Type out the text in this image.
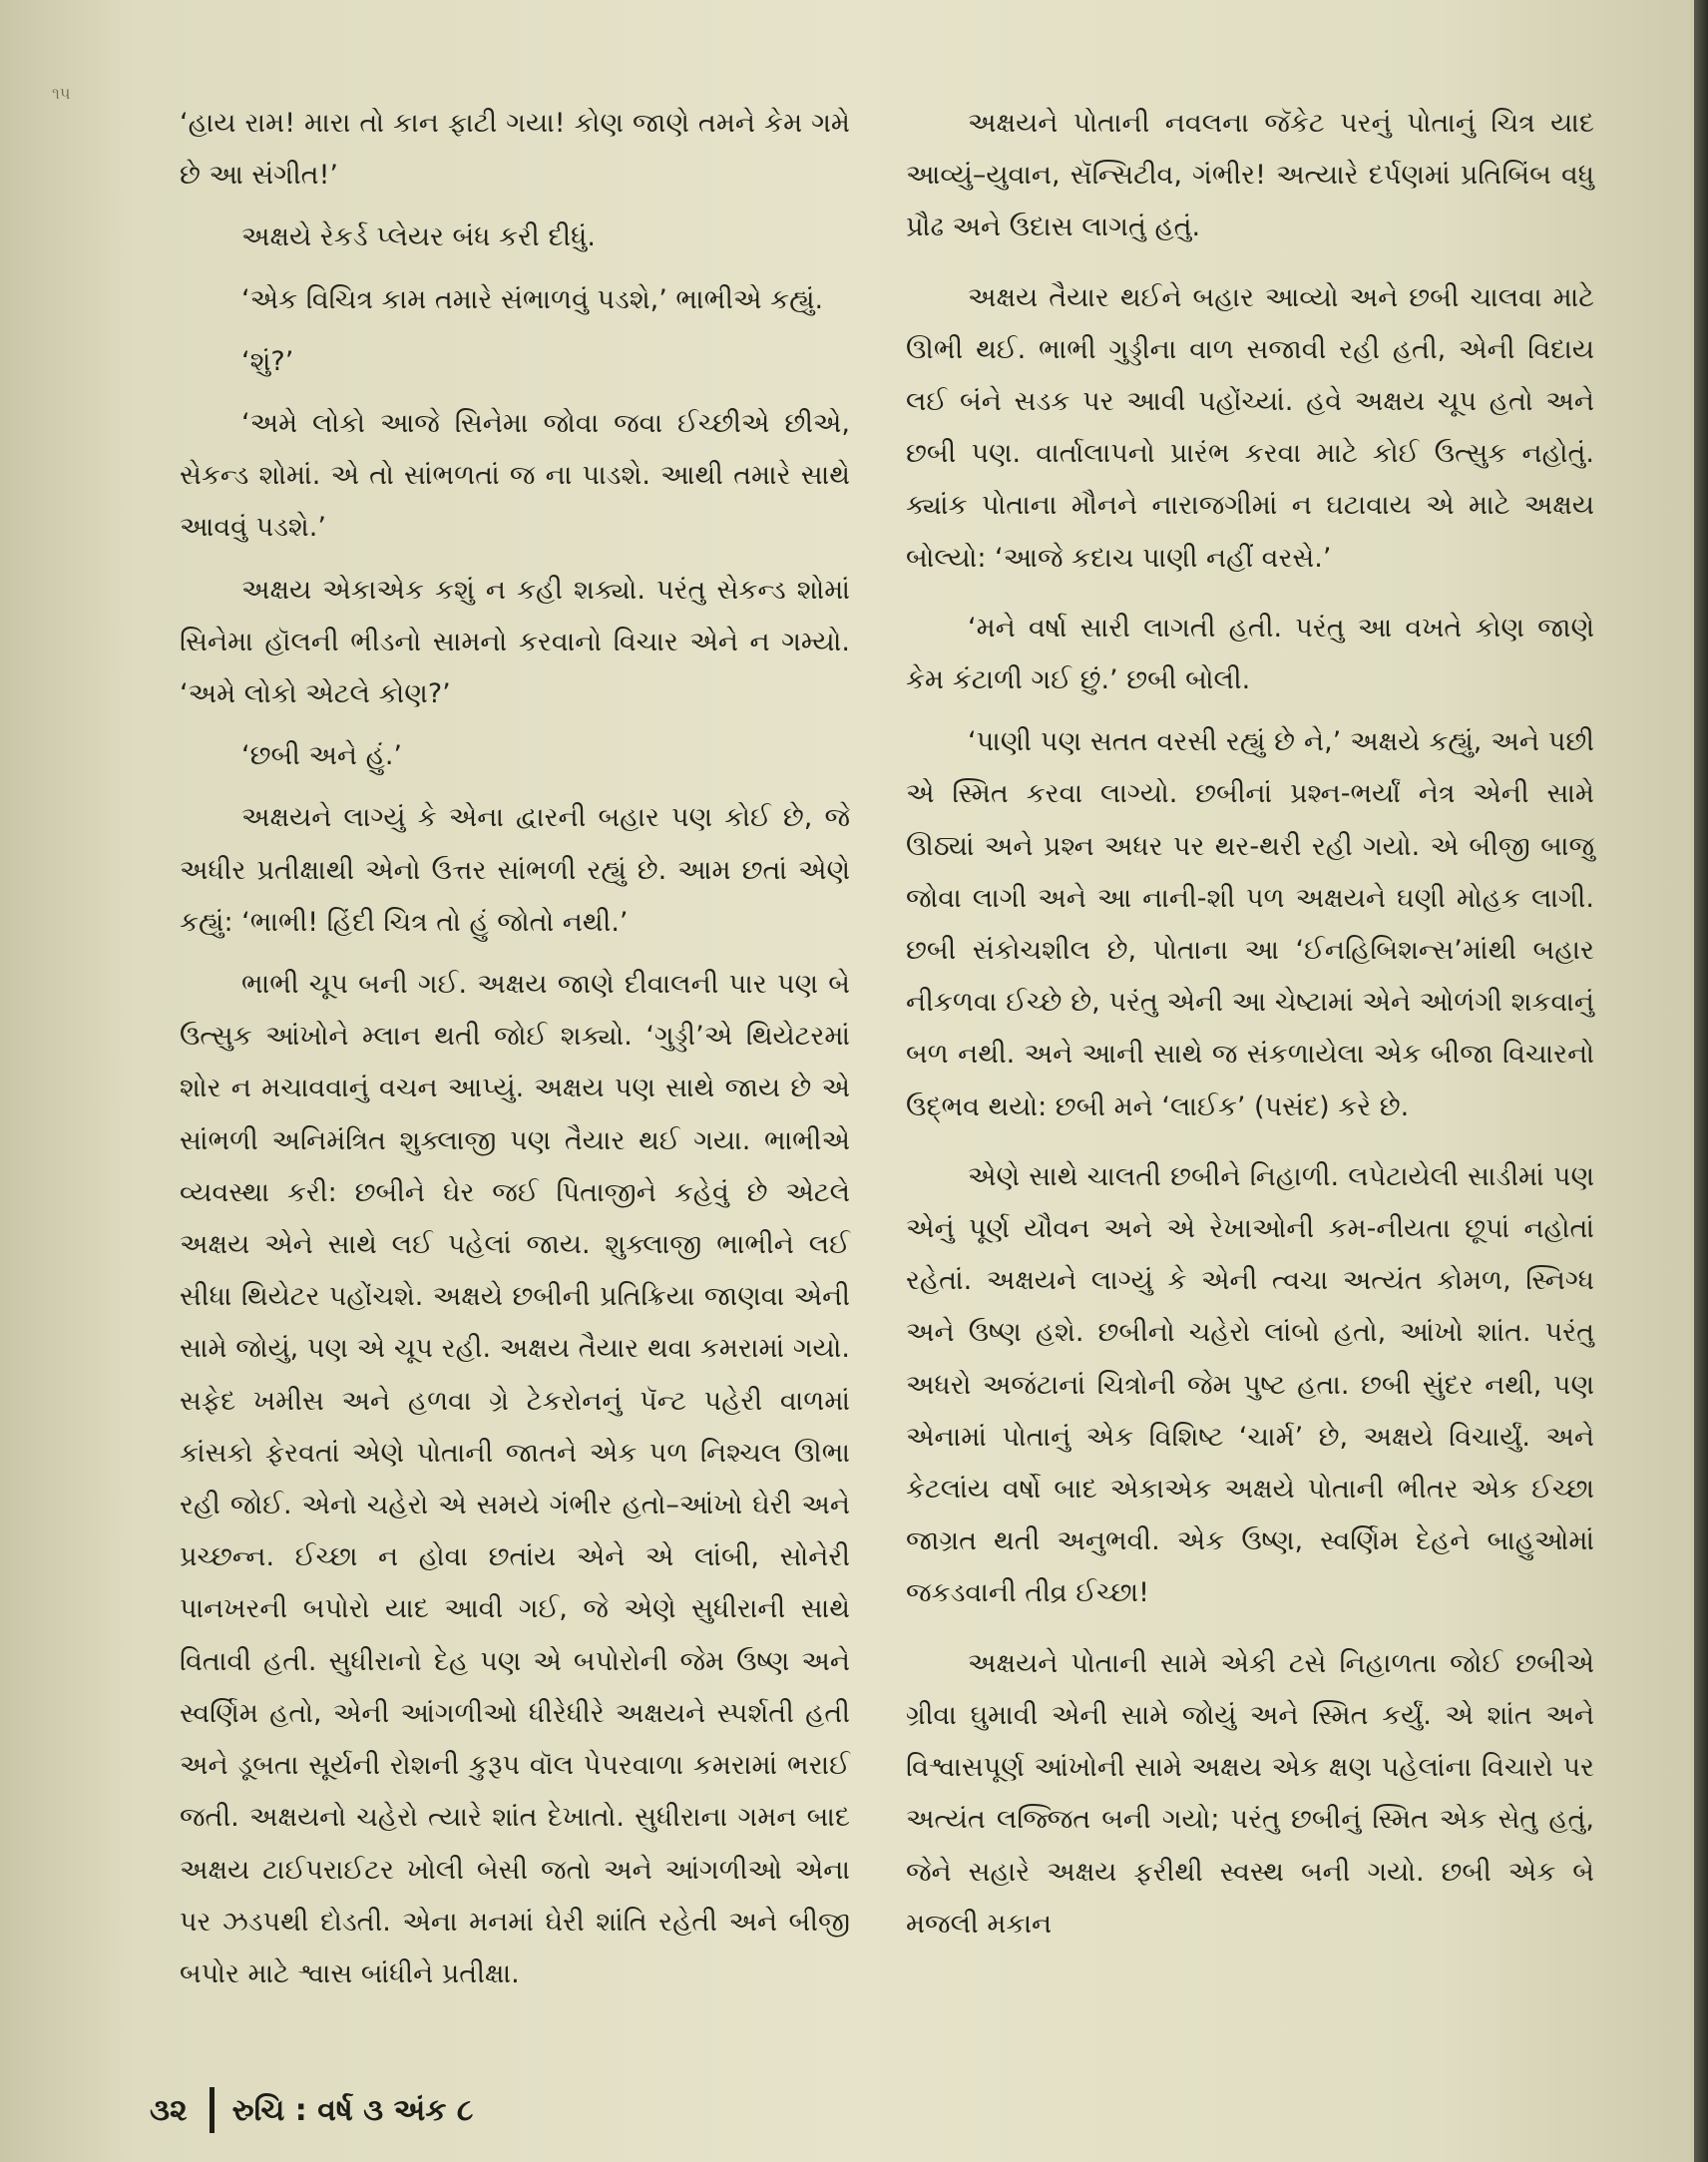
૧૫

‘હાય રામ! મારા તો કાન ફાટી ગયા! કોણ જાણે તમને કેમ ગમે છે આ સંગીત!’

અક્ષયે રેકર્ડ પ્લેયર બંધ કરી દીધું.

‘એક વિચિત્ર કામ તમારે સંભાળવું પડશે,’ ભાભીએ કહ્યું.

‘શું?’

‘અમે લોકો આજે સિનેમા જોવા જવા ઈચ્છીએ છીએ, સેકન્ડ શોમાં. એ તો સાંભળતાં જ ના પાડશે. આથી તમારે સાથે આવવું પડશે.’

અક્ષય એકાએક કશું ન કહી શક્યો. પરંતુ સેકન્ડ શોમાં સિનેમા હૉલની ભીડનો સામનો કરવાનો વિચાર એને ન ગમ્યો. ‘અમે લોકો એટલે કોણ?’

‘છબી અને હું.’

અક્ષયને લાગ્યું કે એના દ્વારની બહાર પણ કોઈ છે, જે અધીર પ્રતીક્ષાથી એનો ઉત્તર સાંભળી રહ્યું છે. આમ છતાં એણે કહ્યું: ‘ભાભી! હિંદી ચિત્ર તો હું જોતો નથી.’

ભાભી ચૂપ બની ગઈ. અક્ષય જાણે દીવાલની પાર પણ બે ઉત્સુક આંખોને મ્લાન થતી જોઈ શક્યો. ‘ગુડ્ડી’એ થિયેટરમાં શોર ન મચાવવાનું વચન આપ્યું. અક્ષય પણ સાથે જાય છે એ સાંભળી અનિમંત્રિત શુક્લાજી પણ તૈયાર થઈ ગયા. ભાભીએ વ્યવસ્થા કરી: છબીને ઘેર જઈ પિતાજીને કહેવું છે એટલે અક્ષય એને સાથે લઈ પહેલાં જાય. શુક્લાજી ભાભીને લઈ સીધા થિયેટર પહોંચશે. અક્ષયે છબીની પ્રતિક્રિયા જાણવા એની સામે જોયું, પણ એ ચૂપ રહી. અક્ષય તૈયાર થવા કમરામાં ગયો. સફેદ ખમીસ અને હળવા ગ્રે ટેકરોનનું પૅન્ટ પહેરી વાળમાં કાંસકો ફેરવતાં એણે પોતાની જાતને એક પળ નિશ્ચલ ઊભા રહી જોઈ. એનો ચહેરો એ સમયે ગંભીર હતો–આંખો ઘેરી અને પ્રચ્છન્ન. ઈચ્છા ન હોવા છતાંય એને એ લાંબી, સોનેરી પાનખરની બપોરો યાદ આવી ગઈ, જે એણે સુધીરાની સાથે વિતાવી હતી. સુધીરાનો દેહ પણ એ બપોરોની જેમ ઉષ્ણ અને સ્વર્ણિમ હતો, એની આંગળીઓ ધીરેધીરે અક્ષયને સ્પર્શતી હતી અને ડૂબતા સૂર્યની રોશની કુરૂપ વૉલ પેપરવાળા કમરામાં ભરાઈ જતી. અક્ષયનો ચહેરો ત્યારે શાંત દેખાતો. સુધીરાના ગમન બાદ અક્ષય ટાઈપરાઈટર ખોલી બેસી જતો અને આંગળીઓ એના પર ઝડપથી દોડતી. એના મનમાં ઘેરી શાંતિ રહેતી અને બીજી બપોર માટે શ્વાસ બાંધીને પ્રતીક્ષા.

અક્ષયને પોતાની નવલના જૅકેટ પરનું પોતાનું ચિત્ર યાદ આવ્યું–યુવાન, સૅન્સિટીવ, ગંભીર! અત્યારે દર્પણમાં પ્રતિબિંબ વધુ પ્રૌઢ અને ઉદાસ લાગતું હતું.

અક્ષય તૈયાર થઈને બહાર આવ્યો અને છબી ચાલવા માટે ઊભી થઈ. ભાભી ગુડ્ડીના વાળ સજાવી રહી હતી, એની વિદાય લઈ બંને સડક પર આવી પહોંચ્યાં. હવે અક્ષય ચૂપ હતો અને છબી પણ. વાર્તાલાપનો પ્રારંભ કરવા માટે કોઈ ઉત્સુક નહોતું. ક્યાંક પોતાના મૌનને નારાજગીમાં ન ઘટાવાય એ માટે અક્ષય બોલ્યો: ‘આજે કદાચ પાણી નહીં વરસે.’

‘મને વર્ષા સારી લાગતી હતી. પરંતુ આ વખતે કોણ જાણે કેમ કંટાળી ગઈ છું.’ છબી બોલી.

‘પાણી પણ સતત વરસી રહ્યું છે ને,’ અક્ષયે કહ્યું, અને પછી એ સ્મિત કરવા લાગ્યો. છબીનાં પ્રશ્ન-ભર્યાં નેત્ર એની સામે ઊઠ્યાં અને પ્રશ્ન અધર પર થર-થરી રહી ગયો. એ બીજી બાજુ જોવા લાગી અને આ નાની-શી પળ અક્ષયને ઘણી મોહક લાગી. છબી સંકોચશીલ છે, પોતાના આ ‘ઈનહિબિશન્સ’માંથી બહાર નીકળવા ઈચ્છે છે, પરંતુ એની આ ચેષ્ટામાં એને ઓળંગી શકવાનું બળ નથી. અને આની સાથે જ સંકળાયેલા એક બીજા વિચારનો ઉદ્‌ભવ થયો: છબી મને ‘લાઈક’ (પસંદ) કરે છે.

એણે સાથે ચાલતી છબીને નિહાળી. લપેટાયેલી સાડીમાં પણ એનું પૂર્ણ યૌવન અને એ રેખાઓની કમ-નીયતા છૂપાં નહોતાં રહેતાં. અક્ષયને લાગ્યું કે એની ત્વચા અત્યંત કોમળ, સ્નિગ્ધ અને ઉષ્ણ હશે. છબીનો ચહેરો લાંબો હતો, આંખો શાંત. પરંતુ અધરો અજંટાનાં ચિત્રોની જેમ પુષ્ટ હતા. છબી સુંદર નથી, પણ એનામાં પોતાનું એક વિશિષ્ટ ‘ચાર્મ’ છે, અક્ષયે વિચાર્યું. અને કેટલાંય વર્ષો બાદ એકાએક અક્ષયે પોતાની ભીતર એક ઈચ્છા જાગ્રત થતી અનુભવી. એક ઉષ્ણ, સ્વર્ણિમ દેહને બાહુઓમાં જકડવાની તીવ્ર ઈચ્છા!

અક્ષયને પોતાની સામે એકી ટસે નિહાળતા જોઈ છબીએ ગ્રીવા ઘુમાવી એની સામે જોયું અને સ્મિત કર્યું. એ શાંત અને વિશ્વાસપૂર્ણ આંખોની સામે અક્ષય એક ક્ષણ પહેલાંના વિચારો પર અત્યંત લજ્જિત બની ગયો; પરંતુ છબીનું સ્મિત એક સેતુ હતું, જેને સહારે અક્ષય ફરીથી સ્વસ્થ બની ગયો. છબી એક બે મજલી મકાન

૩૨ રુચિ : વર્ષ ૩ અંક ૮
